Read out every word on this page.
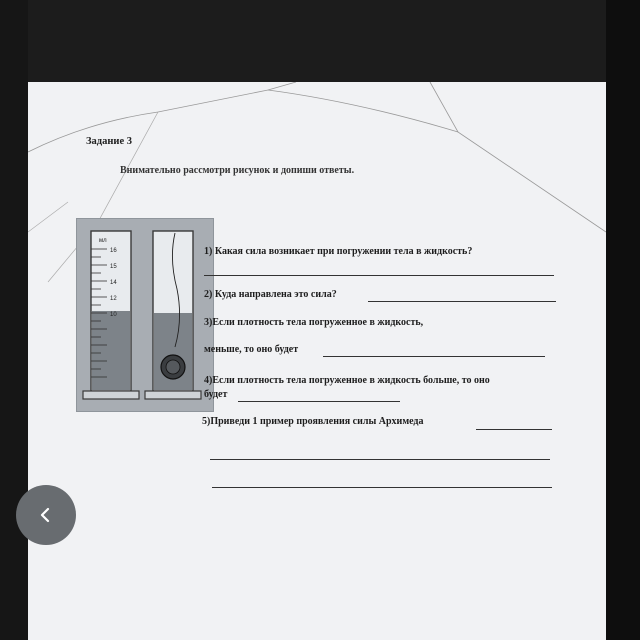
Задание 3
Внимательно рассмотри рисунок и допиши ответы.
мл
16
15
14
12
10
1) Какая сила возникает при погружении тела в жидкость?
2) Куда направлена это сила?
3)Если плотность тела погруженное в жидкость,
меньше, то оно будет
4)Если плотность тела погруженное в жидкость больше, то оно
будет
5)Приведи 1 пример проявления силы Архимеда
